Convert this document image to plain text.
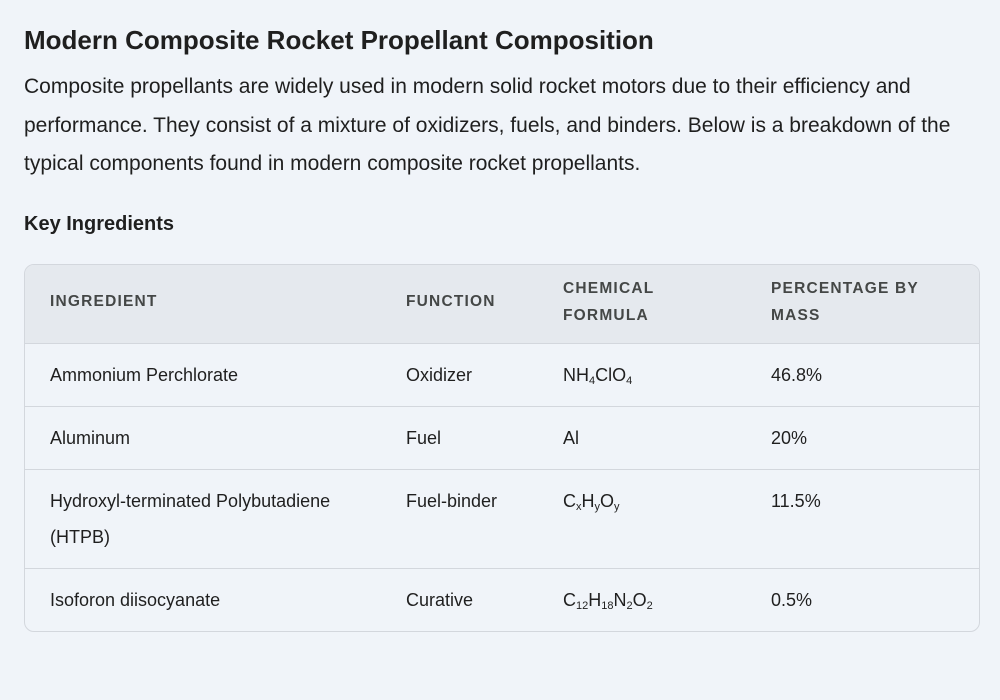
Modern Composite Rocket Propellant Composition

Composite propellants are widely used in modern solid rocket motors due to their efficiency and performance. They consist of a mixture of oxidizers, fuels, and binders. Below is a breakdown of the typical components found in modern composite rocket propellants.

Key Ingredients
INGREDIENT	FUNCTION	CHEMICAL FORMULA	PERCENTAGE BY MASS
Ammonium Perchlorate	Oxidizer	$NH_4ClO_4$	46.8%
Aluminum	Fuel	Al	20%
Hydroxyl-terminated Polybutadiene (HTPB)	Fuel-binder	$C_xH_yO_y$	11.5%
Isoforon diisocyanate	Curative	$C_{12}H_{18}N_2O_2$	0.5%
